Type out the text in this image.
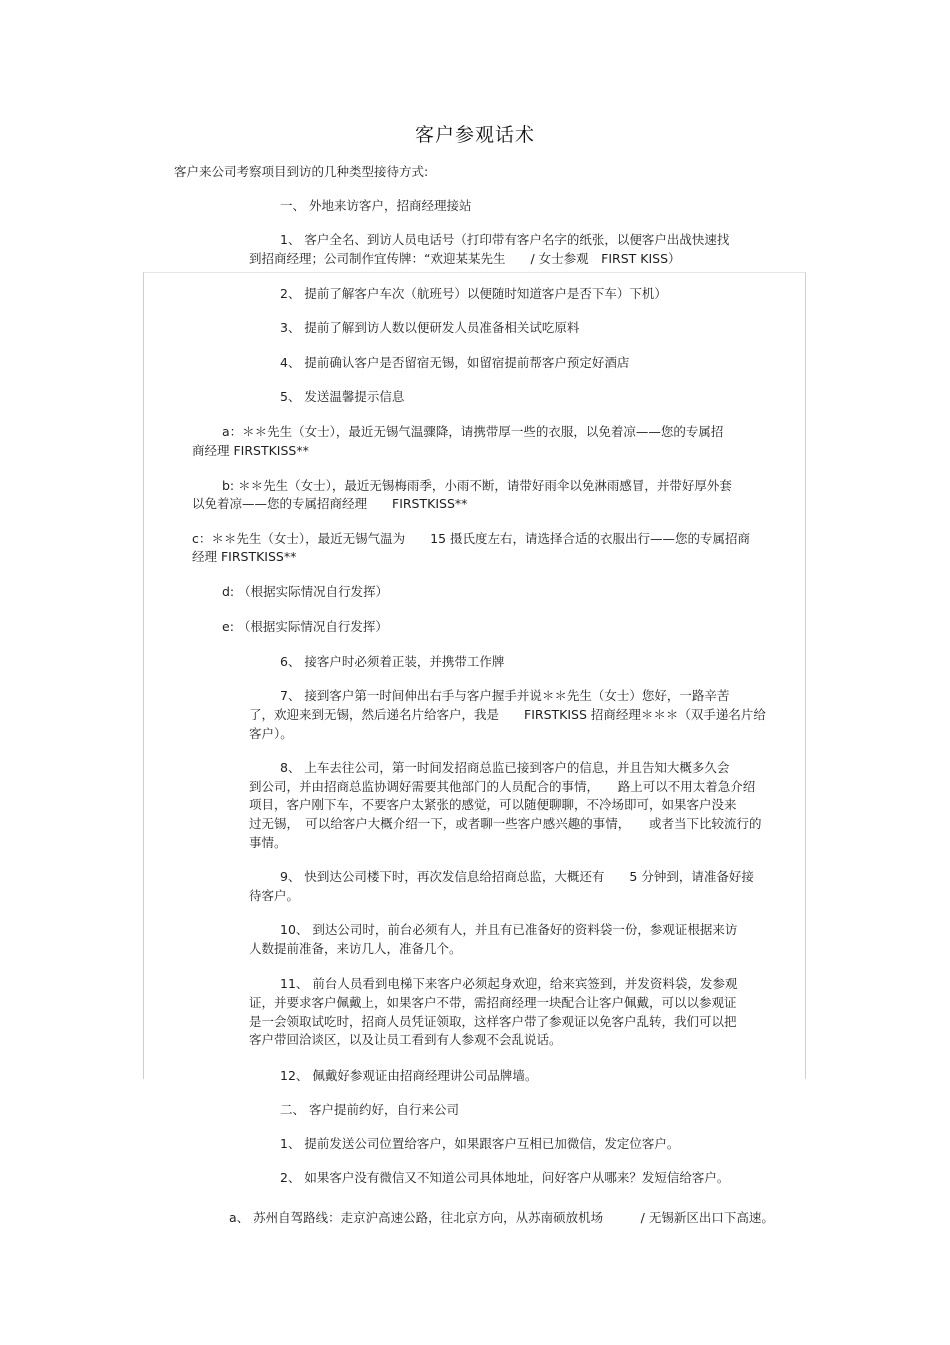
客户参观话术
客户来公司考察项目到访的几种类型接待方式:
一、 外地来访客户，招商经理接站
1、 客户全名、到访人员电话号（打印带有客户名字的纸张，以便客户出战快速找
到招商经理；公司制作宜传牌：“欢迎某某先生　　/ 女士参观　FIRST KISS）
2、 提前了解客户车次（航班号）以便随时知道客户是否下车）下机）
3、 提前了解到访人数以便研发人员准备相关试吃原料
4、 提前确认客户是否留宿无锡，如留宿提前帮客户预定好酒店
5、 发送温馨提示信息
a：＊＊先生（女士），最近无锡气温骤降，请携带厚一些的衣服，以免着凉——您的专属招
商经理 FIRSTKISS**
b: ＊＊先生（女士），最近无锡梅雨季，小雨不断，请带好雨伞以免淋雨感冒，并带好厚外套
以免着凉——您的专属招商经理　　FIRSTKISS**
c：＊＊先生（女士），最近无锡气温为　　15 摄氏度左右，请选择合适的衣服出行——您的专属招商
经理 FIRSTKISS**
d: （根据实际情况自行发挥）
e: （根据实际情况自行发挥）
6、 接客户时必须着正装，并携带工作牌
7、 接到客户第一时间伸出右手与客户握手并说＊＊先生（女士）您好，一路辛苦
了，欢迎来到无锡，然后递名片给客户，我是　　FIRSTKISS 招商经理＊＊＊（双手递名片给
客户）。
8、 上车去往公司，第一时间发招商总监已接到客户的信息，并且告知大概多久会
到公司，并由招商总监协调好需要其他部门的人员配合的事情，　　路上可以不用太着急介绍
项目，客户刚下车，不要客户太紧张的感觉，可以随便聊聊，不冷场即可，如果客户没来
过无锡，　可以给客户大概介绍一下，或者聊一些客户感兴趣的事情，　　或者当下比较流行的
事情。
9、 快到达公司楼下时，再次发信息给招商总监，大概还有　　5 分钟到，请准备好接
待客户。
10、 到达公司时，前台必须有人，并且有已准备好的资料袋一份，参观证根据来访
人数提前准备，来访几人，准备几个。
11、 前台人员看到电梯下来客户必须起身欢迎，给来宾签到，并发资料袋，发参观
证，并要求客户佩戴上，如果客户不带，需招商经理一块配合让客户佩戴，可以以参观证
是一会领取试吃时，招商人员凭证领取，这样客户带了参观证以免客户乱转，我们可以把
客户带回洽谈区，以及让员工看到有人参观不会乱说话。
12、 佩戴好参观证由招商经理讲公司品牌墙。
二、 客户提前约好，自行来公司
1、 提前发送公司位置给客户，如果跟客户互相已加微信，发定位客户。
2、 如果客户没有微信又不知道公司具体地址，问好客户从哪来？发短信给客户。
a、 苏州自驾路线：走京沪高速公路，往北京方向，从苏南硕放机场　　　/ 无锡新区出口下高速。
